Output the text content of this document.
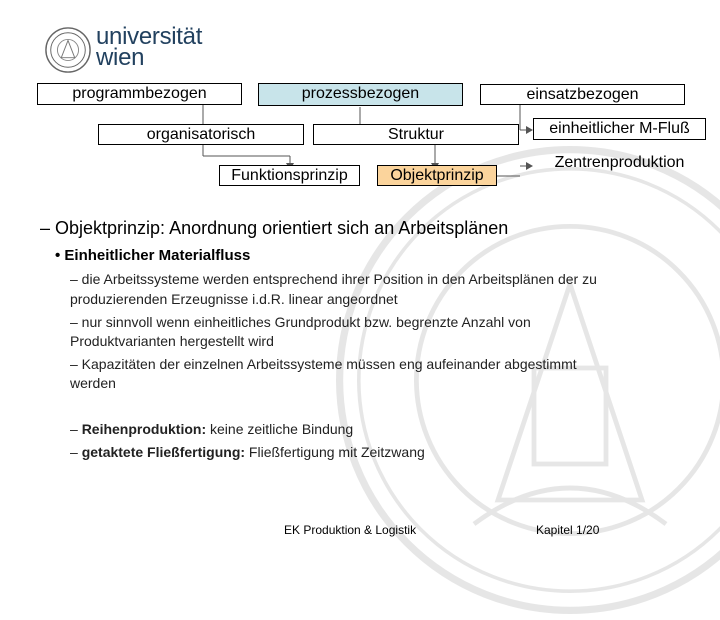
universität
wien
programmbezogen	prozessbezogen	einsatzbezogen
organisatorisch	Struktur
Funktionsprinzip	Objektprinzip
einheitlicher M-Fluß
Zentrenproduktion
– Objektprinzip: Anordnung orientiert sich an Arbeitsplänen
• Einheitlicher Materialfluss
– die Arbeitssysteme werden entsprechend ihrer Position in den Arbeitsplänen der zu
produzierenden Erzeugnisse i.d.R. linear angeordnet
– nur sinnvoll wenn einheitliches Grundprodukt bzw. begrenzte Anzahl von
Produktvarianten hergestellt wird
– Kapazitäten der einzelnen Arbeitssysteme müssen eng aufeinander abgestimmt
werden
– Reihenproduktion: keine zeitliche Bindung
– getaktete Fließfertigung: Fließfertigung mit Zeitzwang
EK Produktion & Logistik	Kapitel 1/20
